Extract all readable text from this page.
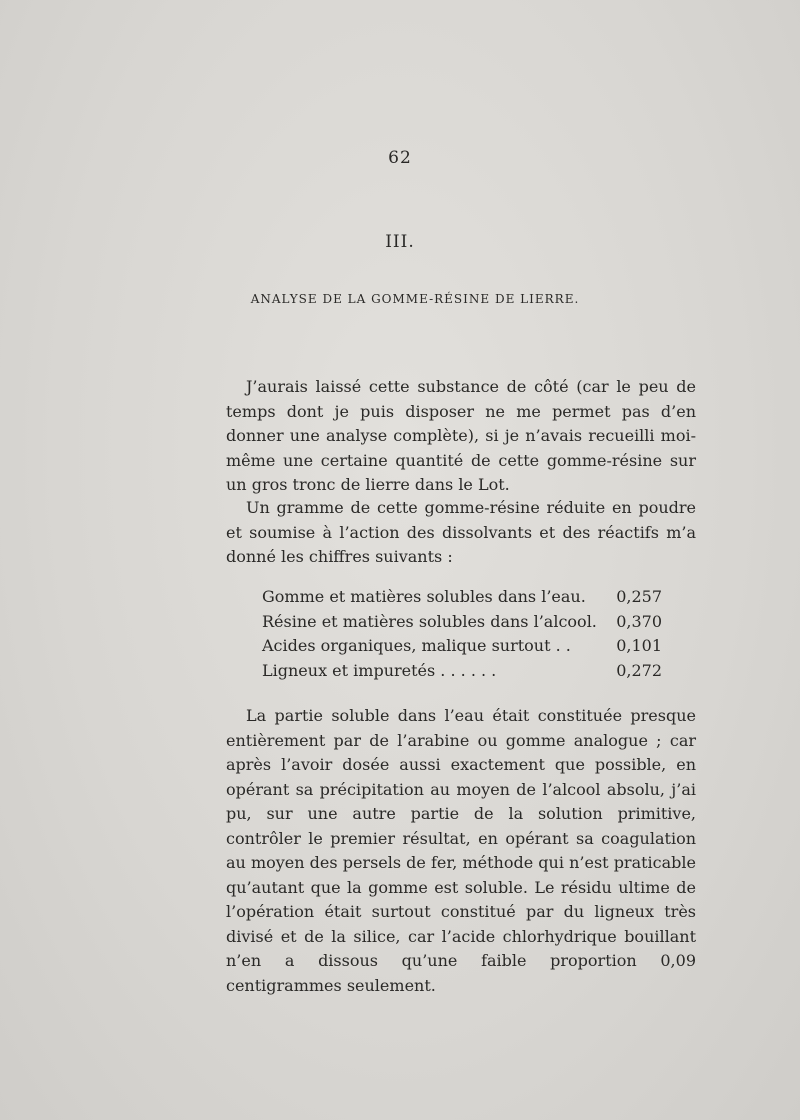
62
III.
ANALYSE DE LA GOMME-RÉSINE DE LIERRE.

J’aurais laissé cette substance de côté (car le peu de temps dont je puis disposer ne me permet pas d’en donner une analyse complète), si je n’avais recueilli moi-même une certaine quantité de cette gomme-résine sur un gros tronc de lierre dans le Lot.

Un gramme de cette gomme-résine réduite en poudre et soumise à l’action des dissolvants et des réactifs m’a donné les chiffres suivants :

Gomme et matières solubles dans l’eau.	0,257
Résine et matières solubles dans l’alcool.	0,370
Acides organiques, malique surtout . .	0,101
Ligneux et impuretés . . . . . .	0,272

La partie soluble dans l’eau était constituée presque entièrement par de l’arabine ou gomme analogue ; car après l’avoir dosée aussi exactement que possible, en opérant sa précipitation au moyen de l’alcool absolu, j’ai pu, sur une autre partie de la solution primitive, contrôler le premier résultat, en opérant sa coagulation au moyen des persels de fer, méthode qui n’est praticable qu’autant que la gomme est soluble. Le résidu ultime de l’opération était surtout constitué par du ligneux très divisé et de la silice, car l’acide chlorhydrique bouillant n’en a dissous qu’une faible proportion 0,09 centigrammes seulement.
